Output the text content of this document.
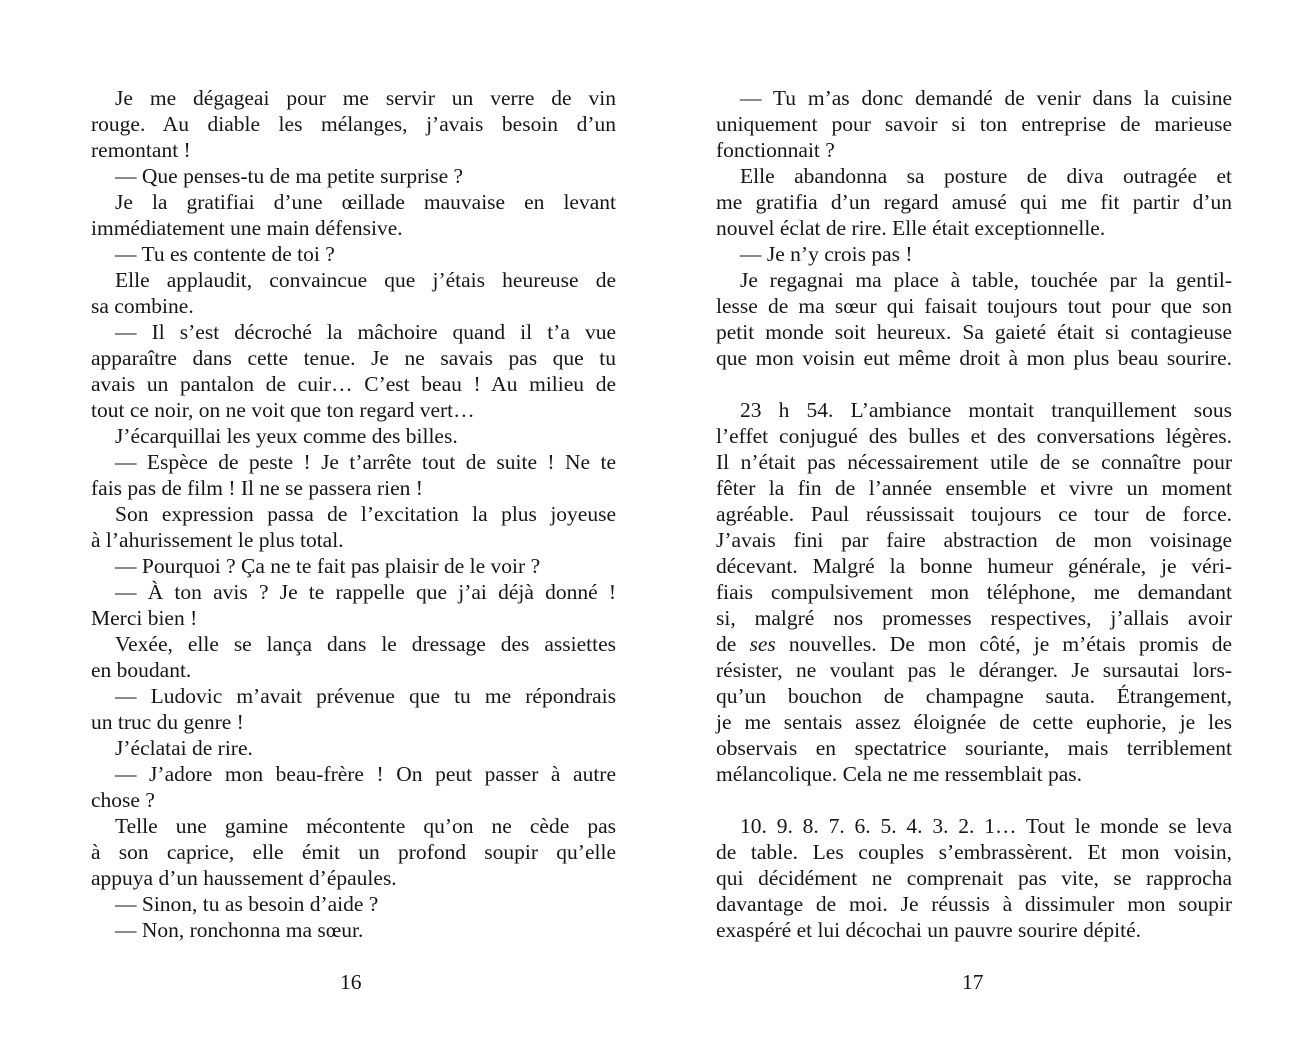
Je me dégageai pour me servir un verre de vin
rouge. Au diable les mélanges, j’avais besoin d’un
remontant !
— Que penses-tu de ma petite surprise ?
Je la gratifiai d’une œillade mauvaise en levant
immédiatement une main défensive.
— Tu es contente de toi ?
Elle applaudit, convaincue que j’étais heureuse de
sa combine.
— Il s’est décroché la mâchoire quand il t’a vue
apparaître dans cette tenue. Je ne savais pas que tu
avais un pantalon de cuir… C’est beau ! Au milieu de
tout ce noir, on ne voit que ton regard vert…
J’écarquillai les yeux comme des billes.
— Espèce de peste ! Je t’arrête tout de suite ! Ne te
fais pas de film ! Il ne se passera rien !
Son expression passa de l’excitation la plus joyeuse
à l’ahurissement le plus total.
— Pourquoi ? Ça ne te fait pas plaisir de le voir ?
— À ton avis ? Je te rappelle que j’ai déjà donné !
Merci bien !
Vexée, elle se lança dans le dressage des assiettes
en boudant.
— Ludovic m’avait prévenue que tu me répondrais
un truc du genre !
J’éclatai de rire.
— J’adore mon beau-frère ! On peut passer à autre
chose ?
Telle une gamine mécontente qu’on ne cède pas
à son caprice, elle émit un profond soupir qu’elle
appuya d’un haussement d’épaules.
— Sinon, tu as besoin d’aide ?
— Non, ronchonna ma sœur.
— Tu m’as donc demandé de venir dans la cuisine
uniquement pour savoir si ton entreprise de marieuse
fonctionnait ?
Elle abandonna sa posture de diva outragée et
me gratifia d’un regard amusé qui me fit partir d’un
nouvel éclat de rire. Elle était exceptionnelle.
— Je n’y crois pas !
Je regagnai ma place à table, touchée par la gentil-
lesse de ma sœur qui faisait toujours tout pour que son
petit monde soit heureux. Sa gaieté était si contagieuse
que mon voisin eut même droit à mon plus beau sourire.
23 h 54. L’ambiance montait tranquillement sous
l’effet conjugué des bulles et des conversations légères.
Il n’était pas nécessairement utile de se connaître pour
fêter la fin de l’année ensemble et vivre un moment
agréable. Paul réussissait toujours ce tour de force.
J’avais fini par faire abstraction de mon voisinage
décevant. Malgré la bonne humeur générale, je véri-
fiais compulsivement mon téléphone, me demandant
si, malgré nos promesses respectives, j’allais avoir
de ses nouvelles. De mon côté, je m’étais promis de
résister, ne voulant pas le déranger. Je sursautai lors-
qu’un bouchon de champagne sauta. Étrangement,
je me sentais assez éloignée de cette euphorie, je les
observais en spectatrice souriante, mais terriblement
mélancolique. Cela ne me ressemblait pas.
10. 9. 8. 7. 6. 5. 4. 3. 2. 1… Tout le monde se leva
de table. Les couples s’embrassèrent. Et mon voisin,
qui décidément ne comprenait pas vite, se rapprocha
davantage de moi. Je réussis à dissimuler mon soupir
exaspéré et lui décochai un pauvre sourire dépité.
16	17
